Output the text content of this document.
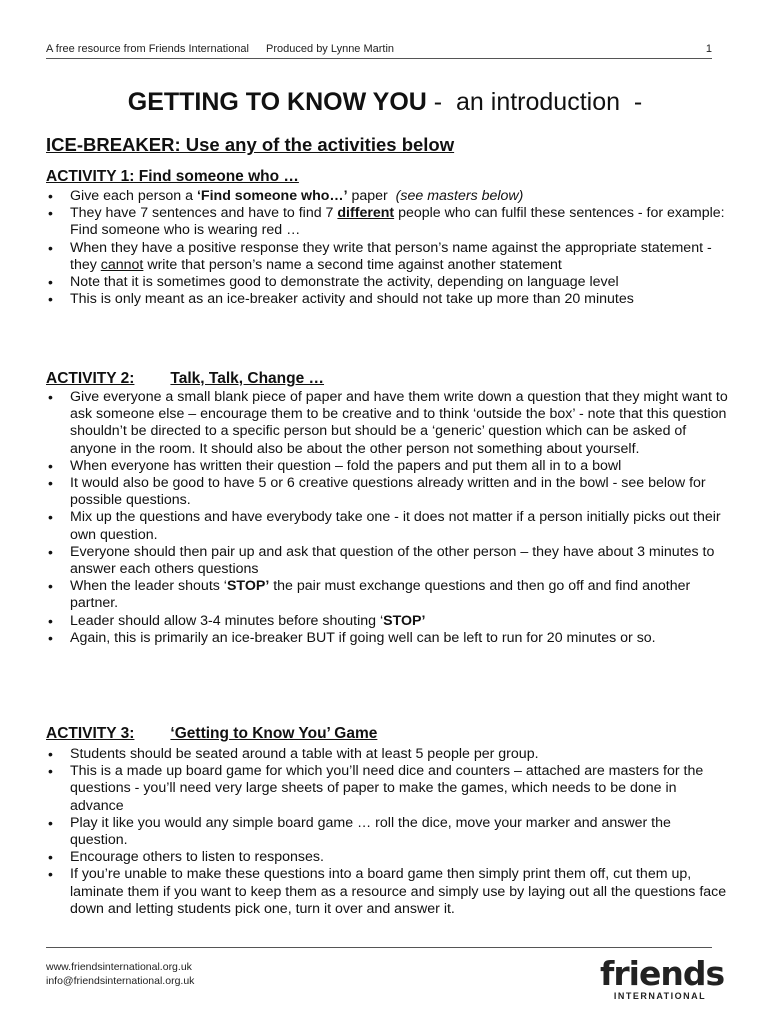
A free resource from Friends International Produced by Lynne Martin	1
GETTING TO KNOW YOU -  an introduction  -
ICE-BREAKER: Use any of the activities below
ACTIVITY 1: Find someone who …
• Give each person a ‘Find someone who…’ paper  (see masters below)
• They have 7 sentences and have to find 7 different people who can fulfil these sentences - for example: Find someone who is wearing red …
• When they have a positive response they write that person’s name against the appropriate statement - they cannot write that person’s name a second time against another statement
• Note that it is sometimes good to demonstrate the activity, depending on language level
• This is only meant as an ice-breaker activity and should not take up more than 20 minutes
ACTIVITY 2: Talk, Talk, Change …
• Give everyone a small blank piece of paper and have them write down a question that they might want to ask someone else – encourage them to be creative and to think ‘outside the box’ - note that this question shouldn’t be directed to a specific person but should be a ‘generic’ question which can be asked of anyone in the room. It should also be about the other person not something about yourself.
• When everyone has written their question – fold the papers and put them all in to a bowl
• It would also be good to have 5 or 6 creative questions already written and in the bowl - see below for possible questions.
• Mix up the questions and have everybody take one - it does not matter if a person initially picks out their own question.
• Everyone should then pair up and ask that question of the other person – they have about 3 minutes to answer each others questions
• When the leader shouts ‘STOP’ the pair must exchange questions and then go off and find another partner.
• Leader should allow 3-4 minutes before shouting ‘STOP’
• Again, this is primarily an ice-breaker BUT if going well can be left to run for 20 minutes or so.
ACTIVITY 3: ‘Getting to Know You’ Game
• Students should be seated around a table with at least 5 people per group.
• This is a made up board game for which you’ll need dice and counters – attached are masters for the questions - you’ll need very large sheets of paper to make the games, which needs to be done in advance
• Play it like you would any simple board game … roll the dice, move your marker and answer the question.
• Encourage others to listen to responses.
• If you’re unable to make these questions into a board game then simply print them off, cut them up, laminate them if you want to keep them as a resource and simply use by laying out all the questions face down and letting students pick one, turn it over and answer it.
www.friendsinternational.org.uk
info@friendsinternational.org.uk	friends
INTERNATIONAL
